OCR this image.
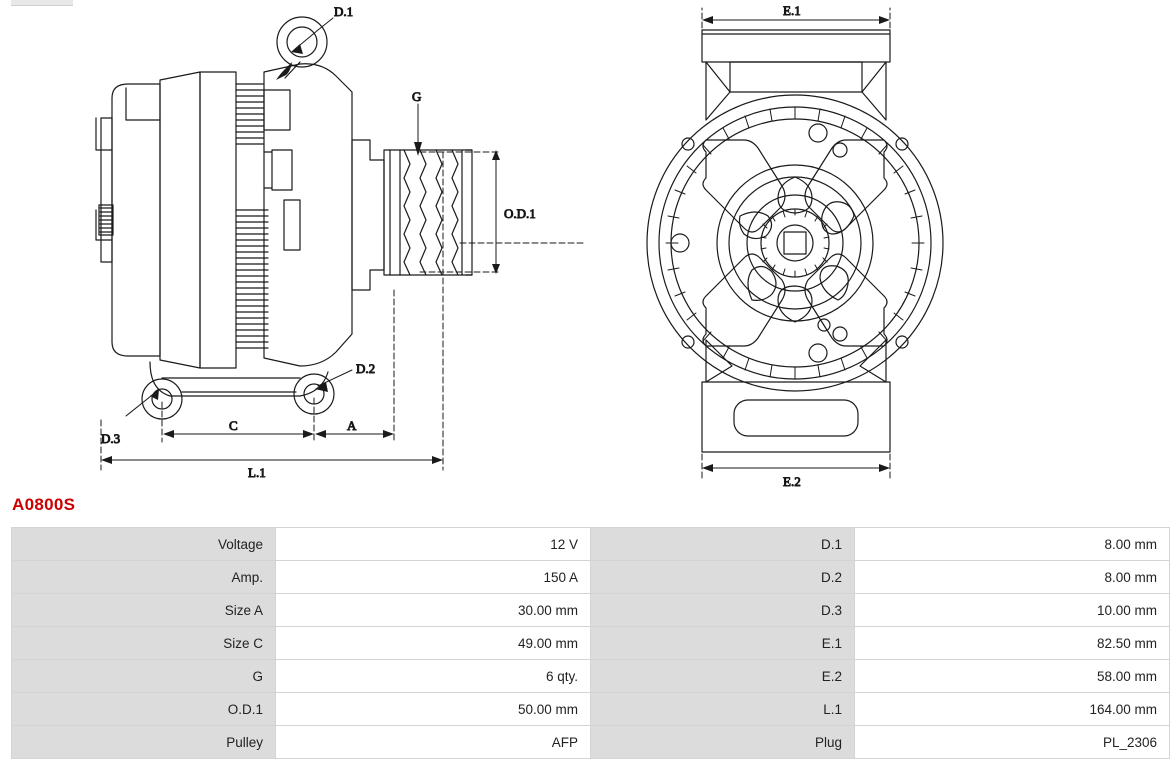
D.1
D.2
D.3
G
O.D.1
C	A
L.1
E.1
E.2
A0800S
Voltage	12 V	D.1	8.00 mm
Amp.	150 A	D.2	8.00 mm
Size A	30.00 mm	D.3	10.00 mm
Size C	49.00 mm	E.1	82.50 mm
G	6 qty.	E.2	58.00 mm
O.D.1	50.00 mm	L.1	164.00 mm
Pulley	AFP	Plug	PL_2306
